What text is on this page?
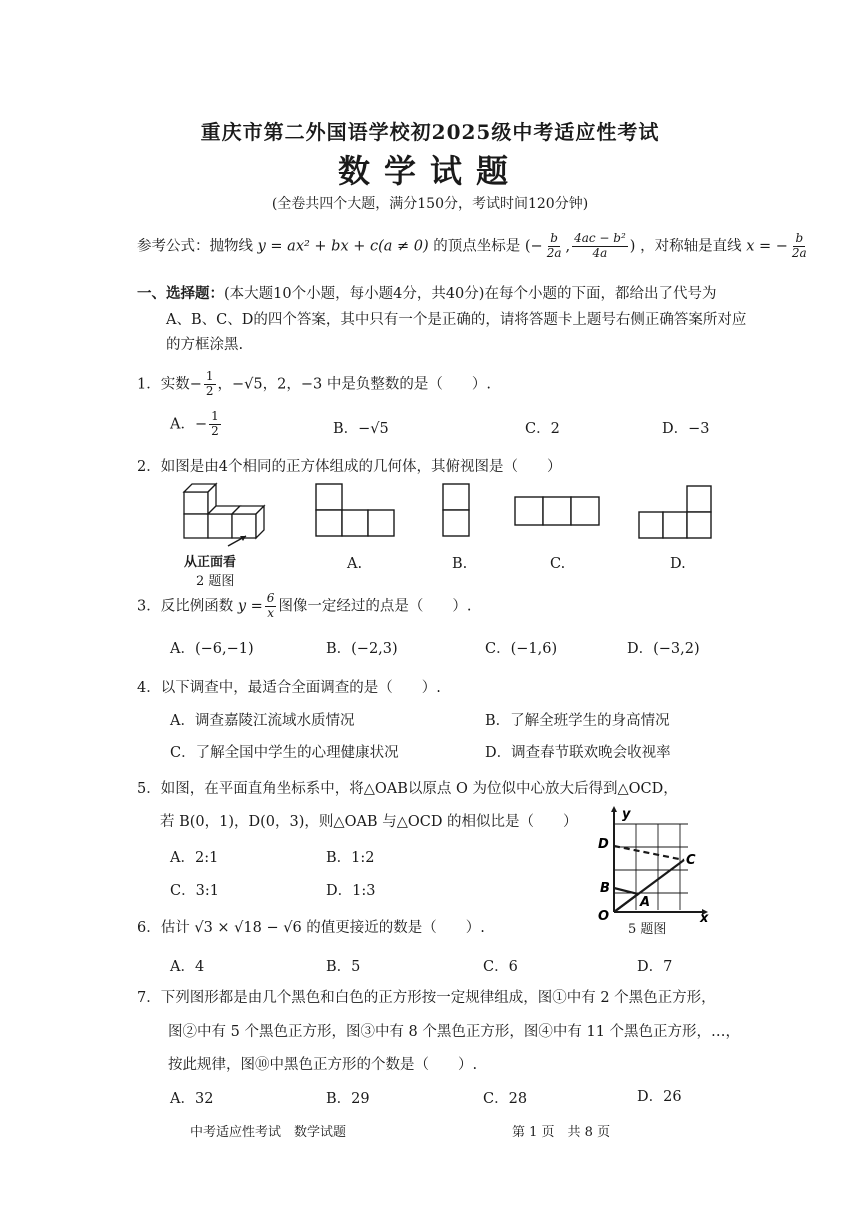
重庆市第二外国语学校初2025级中考适应性考试
数学试题
(全卷共四个大题，满分150分，考试时间120分钟)
参考公式：抛物线 y = ax² + bx + c(a ≠ 0) 的顶点坐标是 (− $\frac{b}{2a}$ , $\frac{\text{4ac − b²}}{4a}$ ) ，对称轴是直线 x = − $\frac{b}{2a}$
一、选择题：(本大题10个小题，每小题4分，共40分)在每个小题的下面，都给出了代号为
A、B、C、D的四个答案，其中只有一个是正确的，请将答题卡上题号右侧正确答案所对应
的方框涂黑.
1．实数− $\frac{1}{2}$ ，−√5，2，−3 中是负整数的是（　　）.
A．− $\frac{1}{2}$	B．−√5	C．2	D．−3
2．如图是由4个相同的正方体组成的几何体，其俯视图是（　　）
从正面看
2 题图
A.	B.	C.	D.
3．反比例函数 $y = \frac{6}{x}$ 图像一定经过的点是（　　）.
A．(−6,−1)	B．(−2,3)	C．(−1,6)	D．(−3,2)
4．以下调查中，最适合全面调查的是（　　）.
A．调查嘉陵江流域水质情况	B．了解全班学生的身高情况
C．了解全国中学生的心理健康状况	D．调查春节联欢晚会收视率
5．如图，在平面直角坐标系中，将△OAB以原点 O 为位似中心放大后得到△OCD，
若 B(0，1)，D(0，3)，则△OAB 与△OCD 的相似比是（　　）
A．2:1	B．1:2
C．3:1	D．1:3
y
x
O
A
B
C
D
5 题图
6．估计 √3 × √18 − √6 的值更接近的数是（　　）.
A．4	B．5	C．6	D．7
7．下列图形都是由几个黑色和白色的正方形按一定规律组成，图①中有 2 个黑色正方形，
图②中有 5 个黑色正方形，图③中有 8 个黑色正方形，图④中有 11 个黑色正方形，…，
按此规律，图⑩中黑色正方形的个数是（　　）.
A．32	B．29	C．28	D．26
中考适应性考试　数学试题	第 1 页　共 8 页
